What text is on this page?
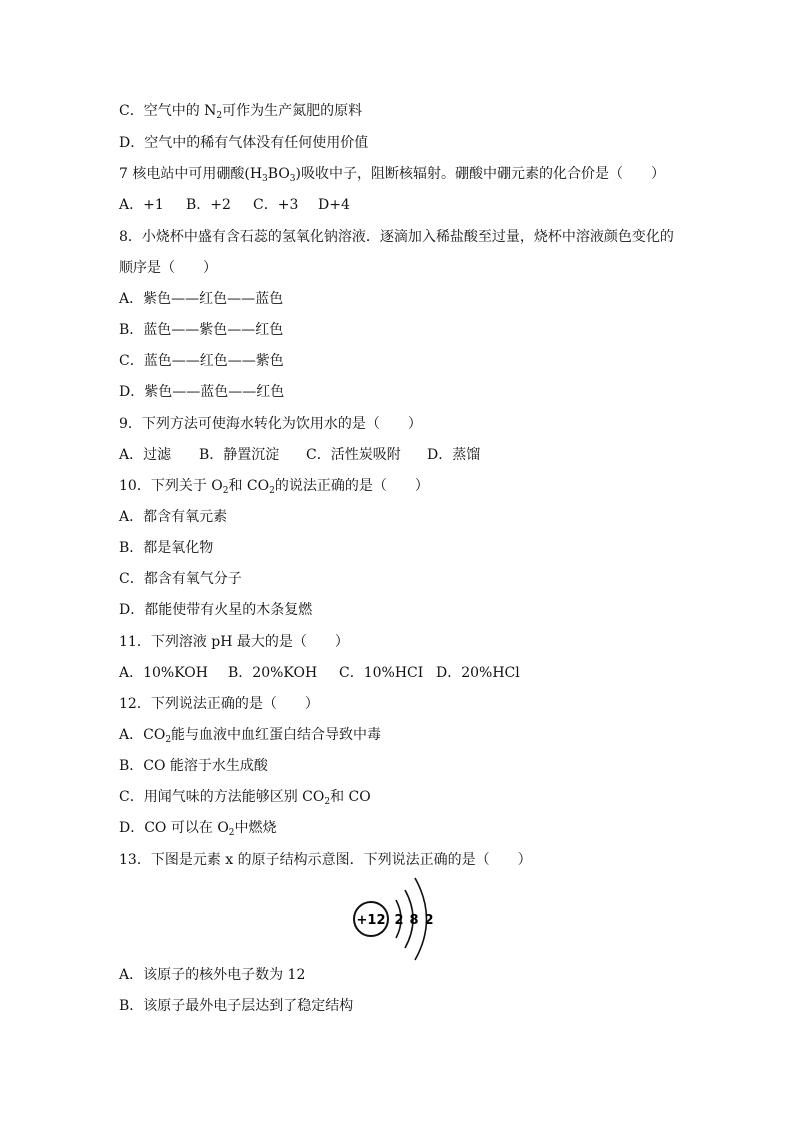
C．空气中的 $N_2$可作为生产氮肥的原料
D．空气中的稀有气体没有任何使用价值
7 核电站中可用硼酸$(H_3BO_3)$吸收中子，阻断核辐射。硼酸中硼元素的化合价是（　　）
A．+1 B．+2 C．+3 D+4
8．小烧杯中盛有含石蕊的氢氧化钠溶液．逐滴加入稀盐酸至过量，烧杯中溶液颜色变化的
顺序是（　　）
A．紫色——红色——蓝色
B．蓝色——紫色——红色
C．蓝色——红色——紫色
D．紫色——蓝色——红色
9．下列方法可使海水转化为饮用水的是（　　）
A．过滤 B．静置沉淀 C．活性炭吸附 D．蒸馏
10．下列关于 $O_2$和 $CO_2$的说法正确的是（　　）
A．都含有氧元素
B．都是氧化物
C．都含有氧气分子
D．都能使带有火星的木条复燃
11．下列溶液 pH 最大的是（　　）
A．10%KOH B．20%KOH C．10%HCI D．20%HCl
12．下列说法正确的是（　　）
A．$CO_2$能与血液中血红蛋白结合导致中毒
B．CO 能溶于水生成酸
C．用闻气味的方法能够区别 $CO_2$和 CO
D．CO 可以在 $O_2$中燃烧
13．下图是元素 x 的原子结构示意图．下列说法正确的是（　　）
+12 2 8 2
A．该原子的核外电子数为 12
B．该原子最外电子层达到了稳定结构
